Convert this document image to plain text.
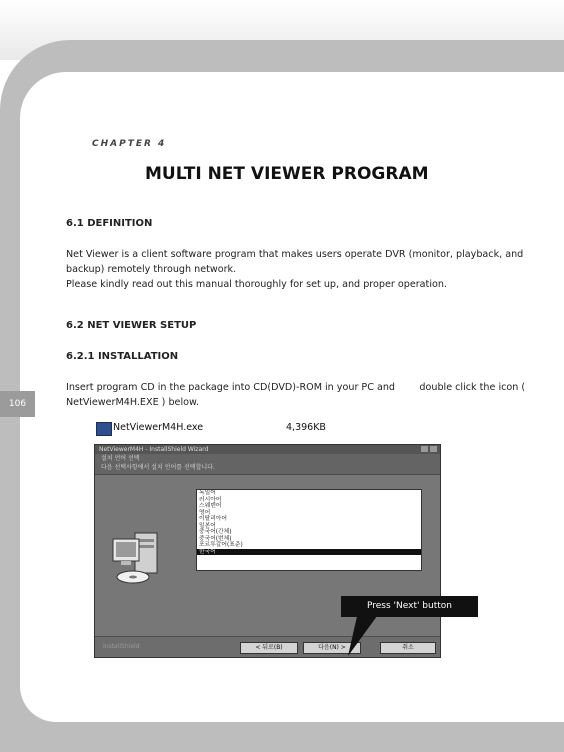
106
CHAPTER 4
MULTI NET VIEWER PROGRAM
6.1 DEFINITION
Net Viewer is a client software program that makes users operate DVR (monitor, playback, and
backup) remotely through network.
Please kindly read out this manual thoroughly for set up, and proper operation.
6.2 NET VIEWER SETUP
6.2.1 INSTALLATION
Insert program CD in the package into CD(DVD)-ROM in your PC and        double click the icon (
NetViewerM4H.EXE ) below.
NetViewerM4H.exe	4,396KB
NetViewerM4H - InstallShield Wizard
설치 언어 선택
다음 선택사항에서 설치 언어를 선택합니다.
독일어
러시아어
스웨덴어
영어
이탈리아어
일본어
중국어(간체)
중국어(번체)
포르투갈어(표준)
한국어
InstallShield	< 뒤로(B)	다음(N) >	취소
Press 'Next' button
